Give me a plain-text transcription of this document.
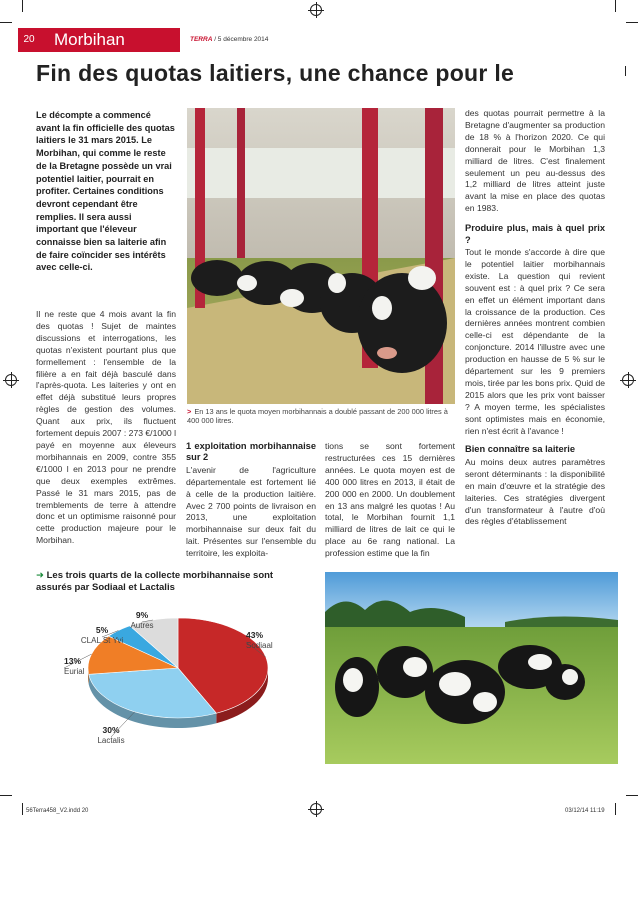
20	Morbihan	TERRA / 5 décembre 2014
Fin des quotas laitiers, une chance pour le
Le décompte a commencé avant la fin officielle des quotas laitiers le 31 mars 2015. Le Morbihan, qui comme le reste de la Bretagne possède un vrai potentiel laitier, pourrait en profiter. Certaines conditions devront cependant être remplies. Il sera aussi important que l'éleveur connaisse bien sa laiterie afin de faire coïncider ses intérêts avec celle-ci.

Il ne reste que 4 mois avant la fin des quotas ! Sujet de maintes discussions et interrogations, les quotas n'existent pourtant plus que formellement : l'ensemble de la filière a en fait déjà basculé dans l'après-quota. Les laiteries y ont en effet déjà substitué leurs propres règles de gestion des volumes. Quant aux prix, ils fluctuent fortement depuis 2007 : 273 €/1000 l payé en moyenne aux éleveurs morbihannais en 2009, contre 355 €/1000 l en 2013 pour ne prendre que deux exemples extrêmes. Passé le 31 mars 2015, pas de tremblements de terre à attendre donc et un optimisme raisonné pour cette production majeure pour le Morbihan.

> En 13 ans le quota moyen morbihannais a doublé passant de 200 000 litres à 400 000 litres.
1 exploitation morbihannaise sur 2

L'avenir de l'agriculture départementale est fortement lié à celle de la production laitière. Avec 2 700 points de livraison en 2013, une exploitation morbihannaise sur deux fait du lait. Présentes sur l'ensemble du territoire, les exploita-

tions se sont fortement restructurées ces 15 dernières années. Le quota moyen est de 400 000 litres en 2013, il était de 200 000 en 2000. Un doublement en 13 ans malgré les quotas ! Au total, le Morbihan fournit 1,1 milliard de litres de lait ce qui le place au 6e rang national. La profession estime que la fin

des quotas pourrait permettre à la Bretagne d'augmenter sa production de 18 % à l'horizon 2020. Ce qui donnerait pour le Morbihan 1,3 milliard de litres. C'est finalement seulement un peu au-dessus des 1,2 milliard de litres atteint juste avant la mise en place des quotas en 1983.

Produire plus, mais à quel prix ?

Tout le monde s'accorde à dire que le potentiel laitier morbihannais existe. La question qui revient souvent est : à quel prix ? Ce sera en effet un élément important dans la croissance de la production. Ces dernières années montrent combien celle-ci est dépendante de la conjoncture. 2014 l'illustre avec une production en hausse de 5 % sur le département sur les 9 premiers mois, tirée par les bons prix. Quid de 2015 alors que les prix vont baisser ? A moyen terme, les spécialistes sont optimistes mais en économie, rien n'est écrit à l'avance !

Bien connaître sa laiterie

Au moins deux autres paramètres seront déterminants : la disponibilité en main d'œuvre et la stratégie des laiteries. Ces stratégies divergent d'un transformateur à l'autre d'où des règles d'établissement

➜ Les trois quarts de la collecte morbihannaise sont assurés par Sodiaal et Lactalis
43%
Sodiaal
30%
Lactalis
13%
Eurial
5%
CLAL St Yvi
9%
Autres
56Terra458_V2.indd 20	03/12/14 11:19
